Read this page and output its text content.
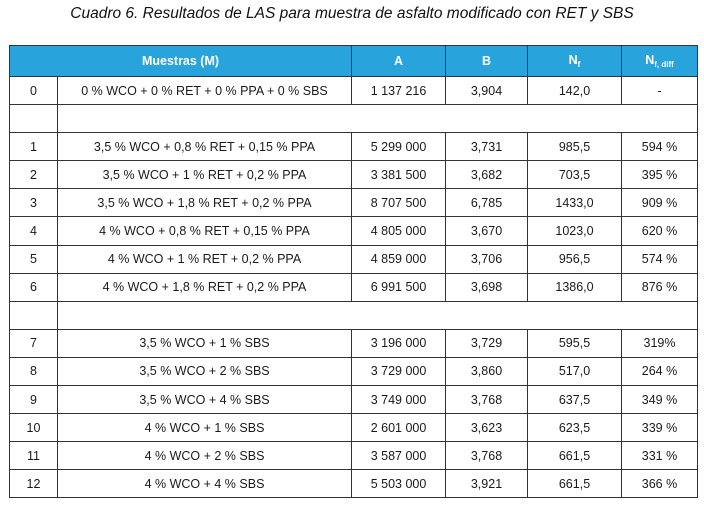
Cuadro 6. Resultados de LAS para muestra de asfalto modificado con RET y SBS
Muestras (M)		A	B	$N_f$	$N_{f, diff}$
0	0 % WCO + 0 % RET + 0 % PPA + 0 % SBS	1 137 216	3,904	142,0	-

1	3,5 % WCO + 0,8 % RET + 0,15 % PPA	5 299 000	3,731	985,5	594 %
2	3,5 % WCO + 1 % RET + 0,2 % PPA	3 381 500	3,682	703,5	395 %
3	3,5 % WCO + 1,8 % RET + 0,2 % PPA	8 707 500	6,785	1433,0	909 %
4	4 % WCO + 0,8 % RET + 0,15 % PPA	4 805 000	3,670	1023,0	620 %
5	4 % WCO + 1 % RET + 0,2 % PPA	4 859 000	3,706	956,5	574 %
6	4 % WCO + 1,8 % RET + 0,2 % PPA	6 991 500	3,698	1386,0	876 %

7	3,5 % WCO + 1 % SBS	3 196 000	3,729	595,5	319%
8	3,5 % WCO + 2 % SBS	3 729 000	3,860	517,0	264 %
9	3,5 % WCO + 4 % SBS	3 749 000	3,768	637,5	349 %
10	4 % WCO + 1 % SBS	2 601 000	3,623	623,5	339 %
11	4 % WCO + 2 % SBS	3 587 000	3,768	661,5	331 %
12	4 % WCO + 4 % SBS	5 503 000	3,921	661,5	366 %
